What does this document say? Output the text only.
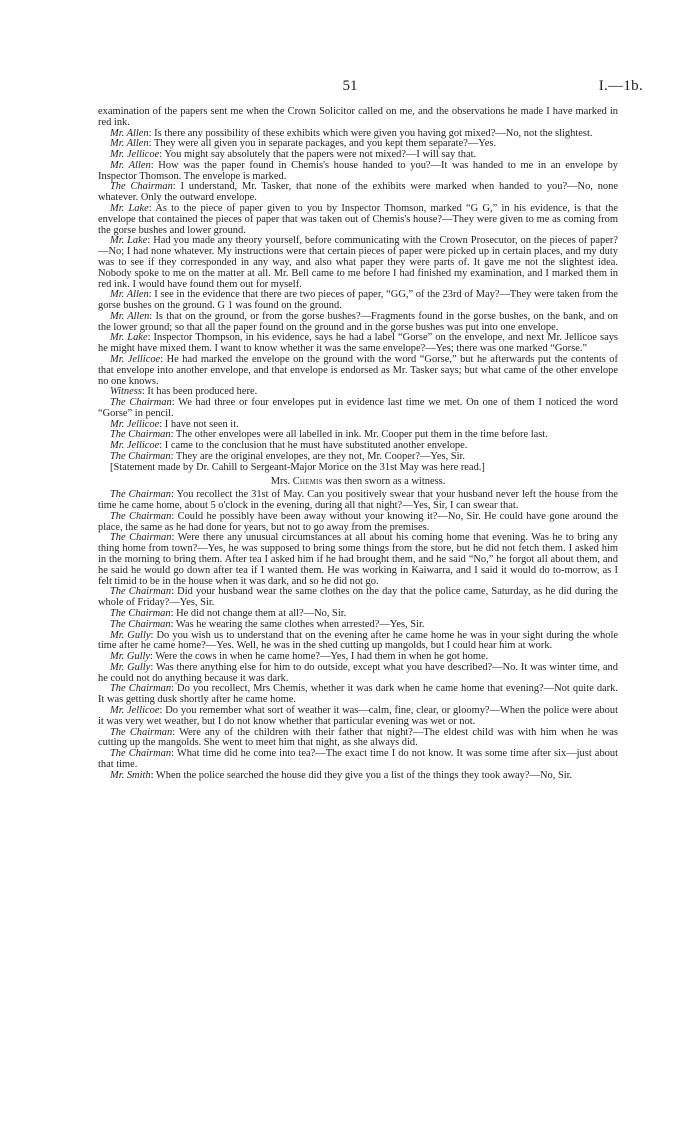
51	I.—1b.

examination of the papers sent me when the Crown Solicitor called on me, and the observations he made I have marked in red ink.

Mr. Allen: Is there any possibility of these exhibits which were given you having got mixed?—No, not the slightest.

Mr. Allen: They were all given you in separate packages, and you kept them separate?—Yes.

Mr. Jellicoe: You might say absolutely that the papers were not mixed?—I will say that.

Mr. Allen: How was the paper found in Chemis's house handed to you?—It was handed to me in an envelope by Inspector Thomson. The envelope is marked.

The Chairman: I understand, Mr. Tasker, that none of the exhibits were marked when handed to you?—No, none whatever. Only the outward envelope.

Mr. Lake: As to the piece of paper given to you by Inspector Thomson, marked “G G,” in his evidence, is that the envelope that contained the pieces of paper that was taken out of Chemis's house?—They were given to me as coming from the gorse bushes and lower ground.

Mr. Lake: Had you made any theory yourself, before communicating with the Crown Prosecutor, on the pieces of paper?—No; I had none whatever. My instructions were that certain pieces of paper were picked up in certain places, and my duty was to see if they corresponded in any way, and also what paper they were parts of. It gave me not the slightest idea. Nobody spoke to me on the matter at all. Mr. Bell came to me before I had finished my examination, and I marked them in red ink. I would have found them out for myself.

Mr. Allen: I see in the evidence that there are two pieces of paper, “GG,” of the 23rd of May?—They were taken from the gorse bushes on the ground. G 1 was found on the ground.

Mr. Allen: Is that on the ground, or from the gorse bushes?—Fragments found in the gorse bushes, on the bank, and on the lower ground; so that all the paper found on the ground and in the gorse bushes was put into one envelope.

Mr. Lake: Inspector Thompson, in his evidence, says he had a label “Gorse” on the envelope, and next Mr. Jellicoe says he might have mixed them. I want to know whether it was the same envelope?—Yes; there was one marked “Gorse.”

Mr. Jellicoe: He had marked the envelope on the ground with the word “Gorse,” but he afterwards put the contents of that envelope into another envelope, and that envelope is endorsed as Mr. Tasker says; but what came of the other envelope no one knows.

Witness: It has been produced here.

The Chairman: We had three or four envelopes put in evidence last time we met. On one of them I noticed the word “Gorse” in pencil.

Mr. Jellicoe: I have not seen it.

The Chairman: The other envelopes were all labelled in ink. Mr. Cooper put them in the time before last.

Mr. Jellicoe: I came to the conclusion that he must have substituted another envelope.

The Chairman: They are the original envelopes, are they not, Mr. Cooper?—Yes, Sir.

[Statement made by Dr. Cahill to Sergeant-Major Morice on the 31st May was here read.]

Mrs. Chemis was then sworn as a witness.

The Chairman: You recollect the 31st of May. Can you positively swear that your husband never left the house from the time he came home, about 5 o'clock in the evening, during all that night?—Yes, Sir, I can swear that.

The Chairman: Could he possibly have been away without your knowing it?—No, Sir. He could have gone around the place, the same as he had done for years, but not to go away from the premises.

The Chairman: Were there any unusual circumstances at all about his coming home that evening. Was he to bring any thing home from town?—Yes, he was supposed to bring some things from the store, but he did not fetch them. I asked him in the morning to bring them. After tea I asked him if he had brought them, and he said “No,” he forgot all about them, and he said he would go down after tea if I wanted them. He was working in Kaiwarra, and I said it would do to-morrow, as I felt timid to be in the house when it was dark, and so he did not go.

The Chairman: Did your husband wear the same clothes on the day that the police came, Saturday, as he did during the whole of Friday?—Yes, Sir.

The Chairman: He did not change them at all?—No, Sir.

The Chairman: Was he wearing the same clothes when arrested?—Yes, Sir.

Mr. Gully: Do you wish us to understand that on the evening after he came home he was in your sight during the whole time after he came home?—Yes. Well, he was in the shed cutting up mangolds, but I could hear him at work.

Mr. Gully: Were the cows in when he came home?—Yes, I had them in when he got home.

Mr. Gully: Was there anything else for him to do outside, except what you have described?—No. It was winter time, and he could not do anything because it was dark.

The Chairman: Do you recollect, Mrs Chemis, whether it was dark when he came home that evening?—Not quite dark. It was getting dusk shortly after he came home.

Mr. Jellicoe: Do you remember what sort of weather it was—calm, fine, clear, or gloomy?—When the police were about it was very wet weather, but I do not know whether that particular evening was wet or not.

The Chairman: Were any of the children with their father that night?—The eldest child was with him when he was cutting up the mangolds. She went to meet him that night, as she always did.

The Chairman: What time did he come into tea?—The exact time I do not know. It was some time after six—just about that time.

Mr. Smith: When the police searched the house did they give you a list of the things they took away?—No, Sir.
